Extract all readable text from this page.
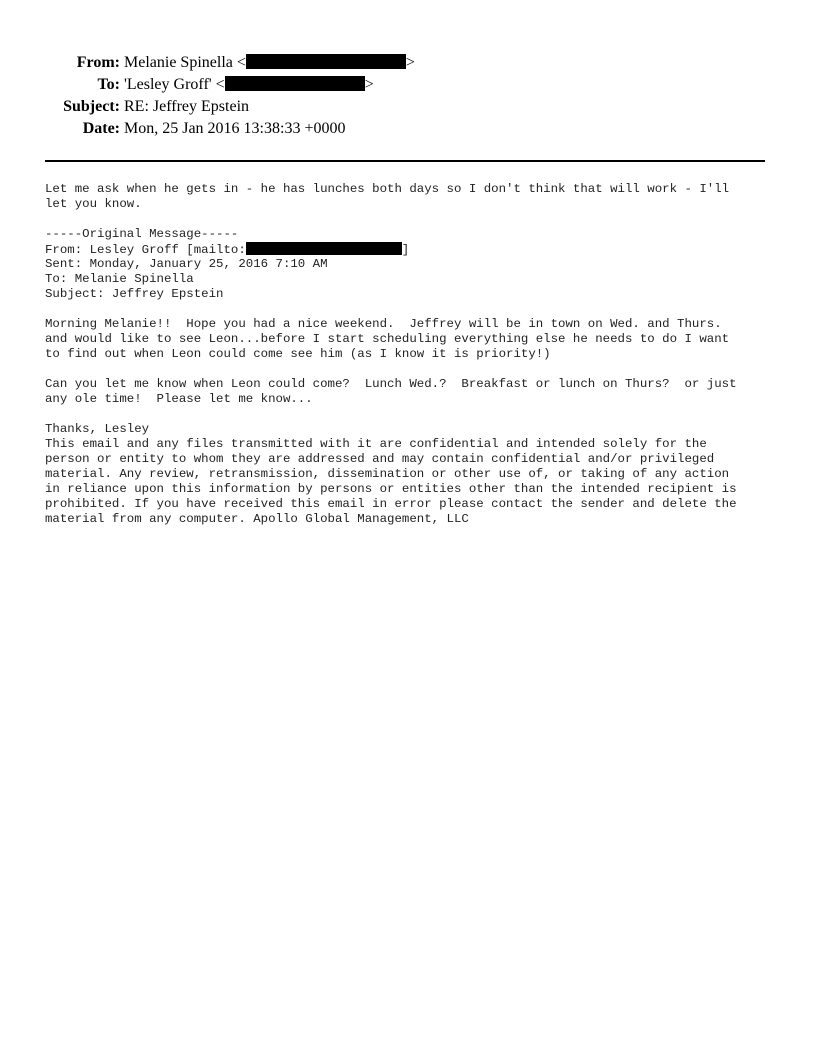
From: Melanie Spinella <	>
To: 'Lesley Groff' <	>
Subject: RE: Jeffrey Epstein
Date: Mon, 25 Jan 2016 13:38:33 +0000
Let me ask when he gets in - he has lunches both days so I don't think that will work - I'll
let you know.
-----Original Message-----
From: Lesley Groff [mailto:	]
Sent: Monday, January 25, 2016 7:10 AM
To: Melanie Spinella
Subject: Jeffrey Epstein
Morning Melanie!!  Hope you had a nice weekend.  Jeffrey will be in town on Wed. and Thurs.
and would like to see Leon...before I start scheduling everything else he needs to do I want
to find out when Leon could come see him (as I know it is priority!)
Can you let me know when Leon could come?  Lunch Wed.?  Breakfast or lunch on Thurs?  or just
any ole time!  Please let me know...
Thanks, Lesley
This email and any files transmitted with it are confidential and intended solely for the
person or entity to whom they are addressed and may contain confidential and/or privileged
material. Any review, retransmission, dissemination or other use of, or taking of any action
in reliance upon this information by persons or entities other than the intended recipient is
prohibited. If you have received this email in error please contact the sender and delete the
material from any computer. Apollo Global Management, LLC
